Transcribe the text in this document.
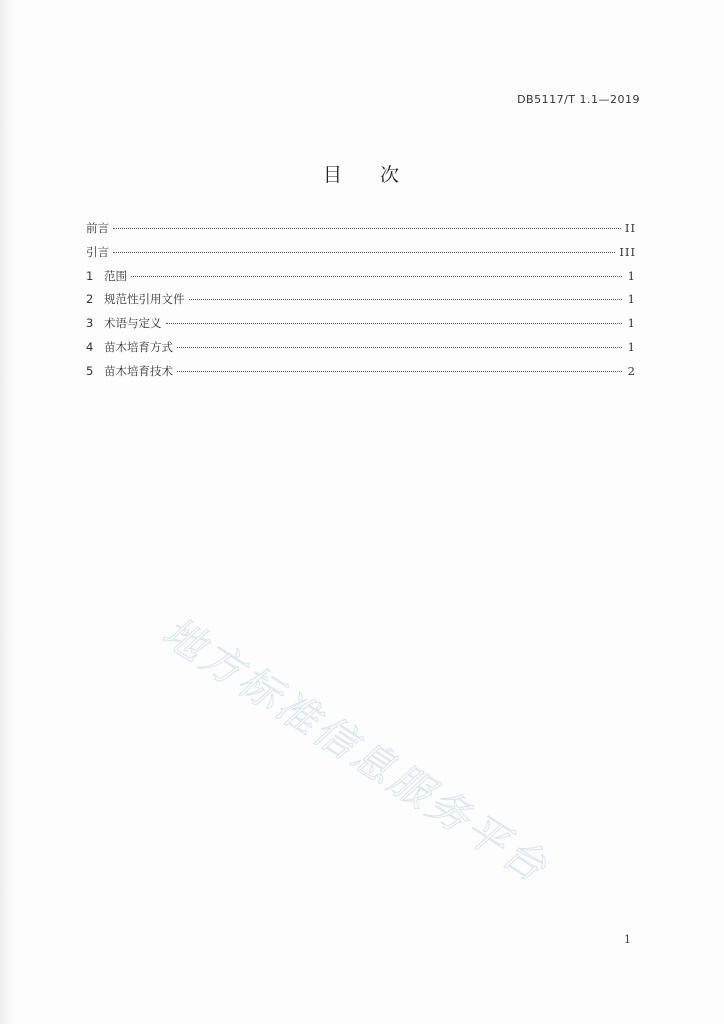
DB5117/T 1.1—2019
目 次
前言	II
引言	III
1 范围	1
2 规范性引用文件	1
3 术语与定义	1
4 苗木培育方式	1
5 苗木培育技术	2
地方标准信息服务平台
1
